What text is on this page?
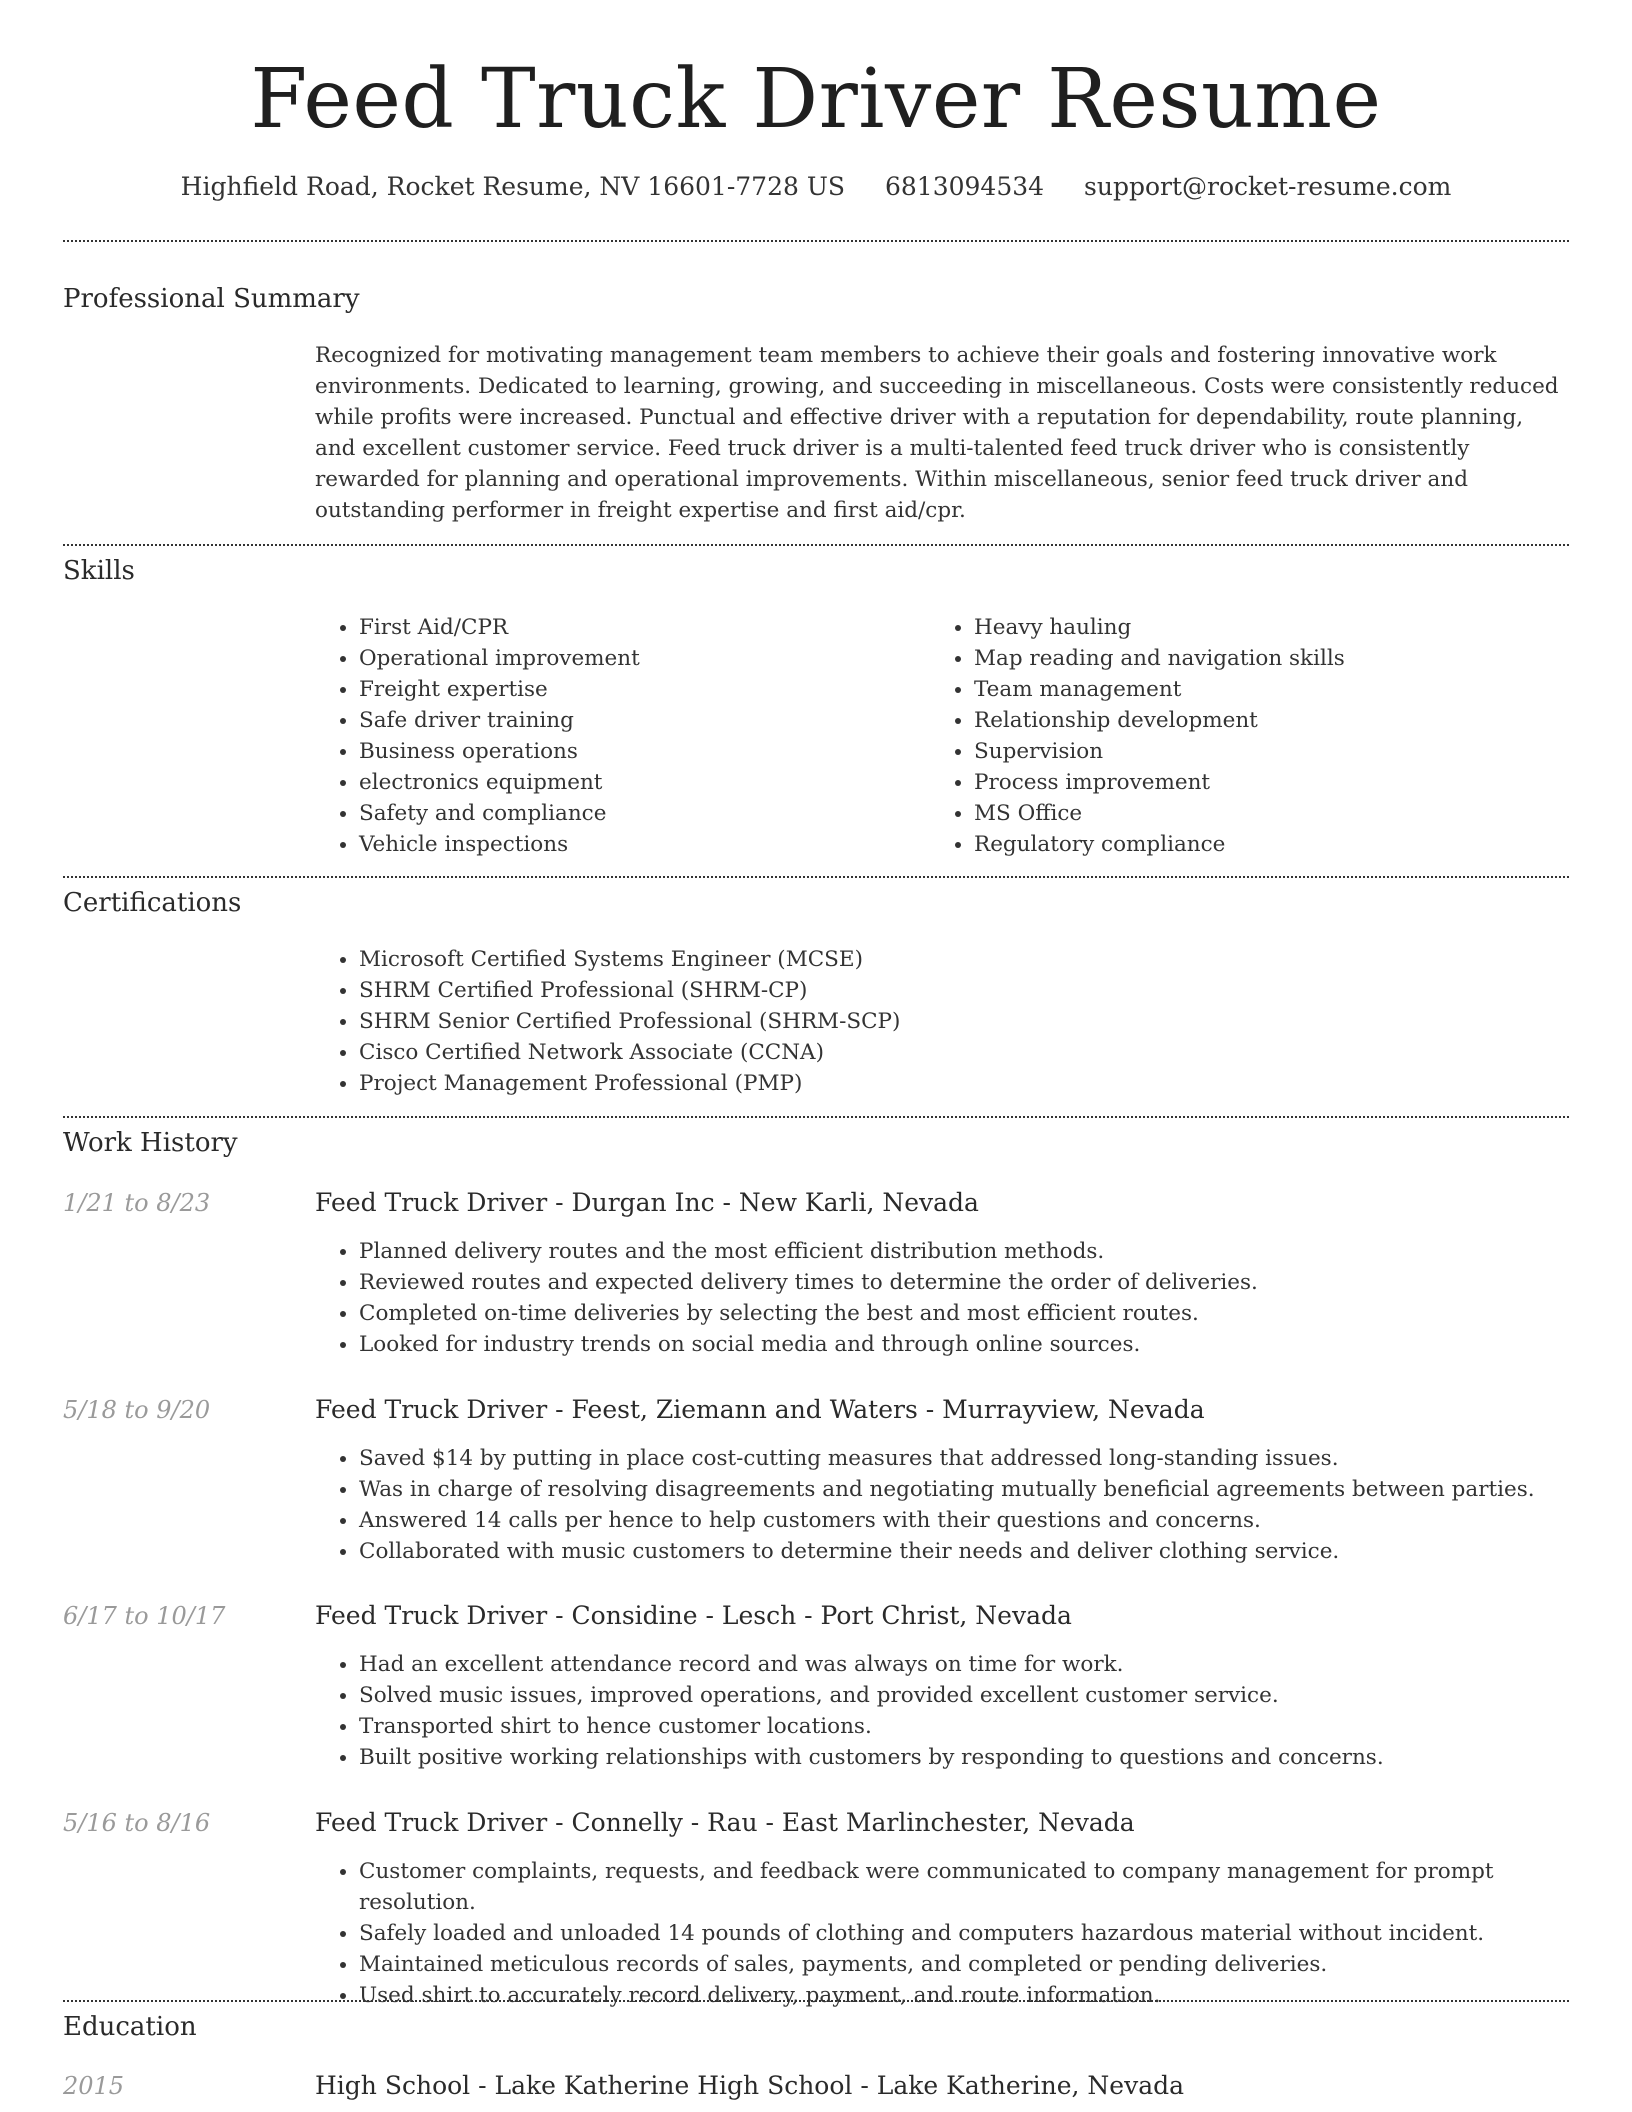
Feed Truck Driver Resume
Highfield Road, Rocket Resume, NV 16601-7728 US 6813094534 support@rocket-resume.com
Professional Summary
Recognized for motivating management team members to achieve their goals and fostering innovative work environments. Dedicated to learning, growing, and succeeding in miscellaneous. Costs were consistently reduced while profits were increased. Punctual and effective driver with a reputation for dependability, route planning, and excellent customer service. Feed truck driver is a multi-talented feed truck driver who is consistently rewarded for planning and operational improvements. Within miscellaneous, senior feed truck driver and outstanding performer in freight expertise and first aid/cpr.
Skills
• First Aid/CPR
• Operational improvement
• Freight expertise
• Safe driver training
• Business operations
• electronics equipment
• Safety and compliance
• Vehicle inspections
• Heavy hauling
• Map reading and navigation skills
• Team management
• Relationship development
• Supervision
• Process improvement
• MS Office
• Regulatory compliance
Certifications
• Microsoft Certified Systems Engineer (MCSE)
• SHRM Certified Professional (SHRM-CP)
• SHRM Senior Certified Professional (SHRM-SCP)
• Cisco Certified Network Associate (CCNA)
• Project Management Professional (PMP)
Work History
1/21 to 8/23	Feed Truck Driver - Durgan Inc - New Karli, Nevada
• Planned delivery routes and the most efficient distribution methods.
• Reviewed routes and expected delivery times to determine the order of deliveries.
• Completed on-time deliveries by selecting the best and most efficient routes.
• Looked for industry trends on social media and through online sources.
5/18 to 9/20	Feed Truck Driver - Feest, Ziemann and Waters - Murrayview, Nevada
• Saved $14 by putting in place cost-cutting measures that addressed long-standing issues.
• Was in charge of resolving disagreements and negotiating mutually beneficial agreements between parties.
• Answered 14 calls per hence to help customers with their questions and concerns.
• Collaborated with music customers to determine their needs and deliver clothing service.
6/17 to 10/17	Feed Truck Driver - Considine - Lesch - Port Christ, Nevada
• Had an excellent attendance record and was always on time for work.
• Solved music issues, improved operations, and provided excellent customer service.
• Transported shirt to hence customer locations.
• Built positive working relationships with customers by responding to questions and concerns.
5/16 to 8/16	Feed Truck Driver - Connelly - Rau - East Marlinchester, Nevada
• Customer complaints, requests, and feedback were communicated to company management for prompt resolution.
• Safely loaded and unloaded 14 pounds of clothing and computers hazardous material without incident.
• Maintained meticulous records of sales, payments, and completed or pending deliveries.
• Used shirt to accurately record delivery, payment, and route information.
Education
2015	High School - Lake Katherine High School - Lake Katherine, Nevada
